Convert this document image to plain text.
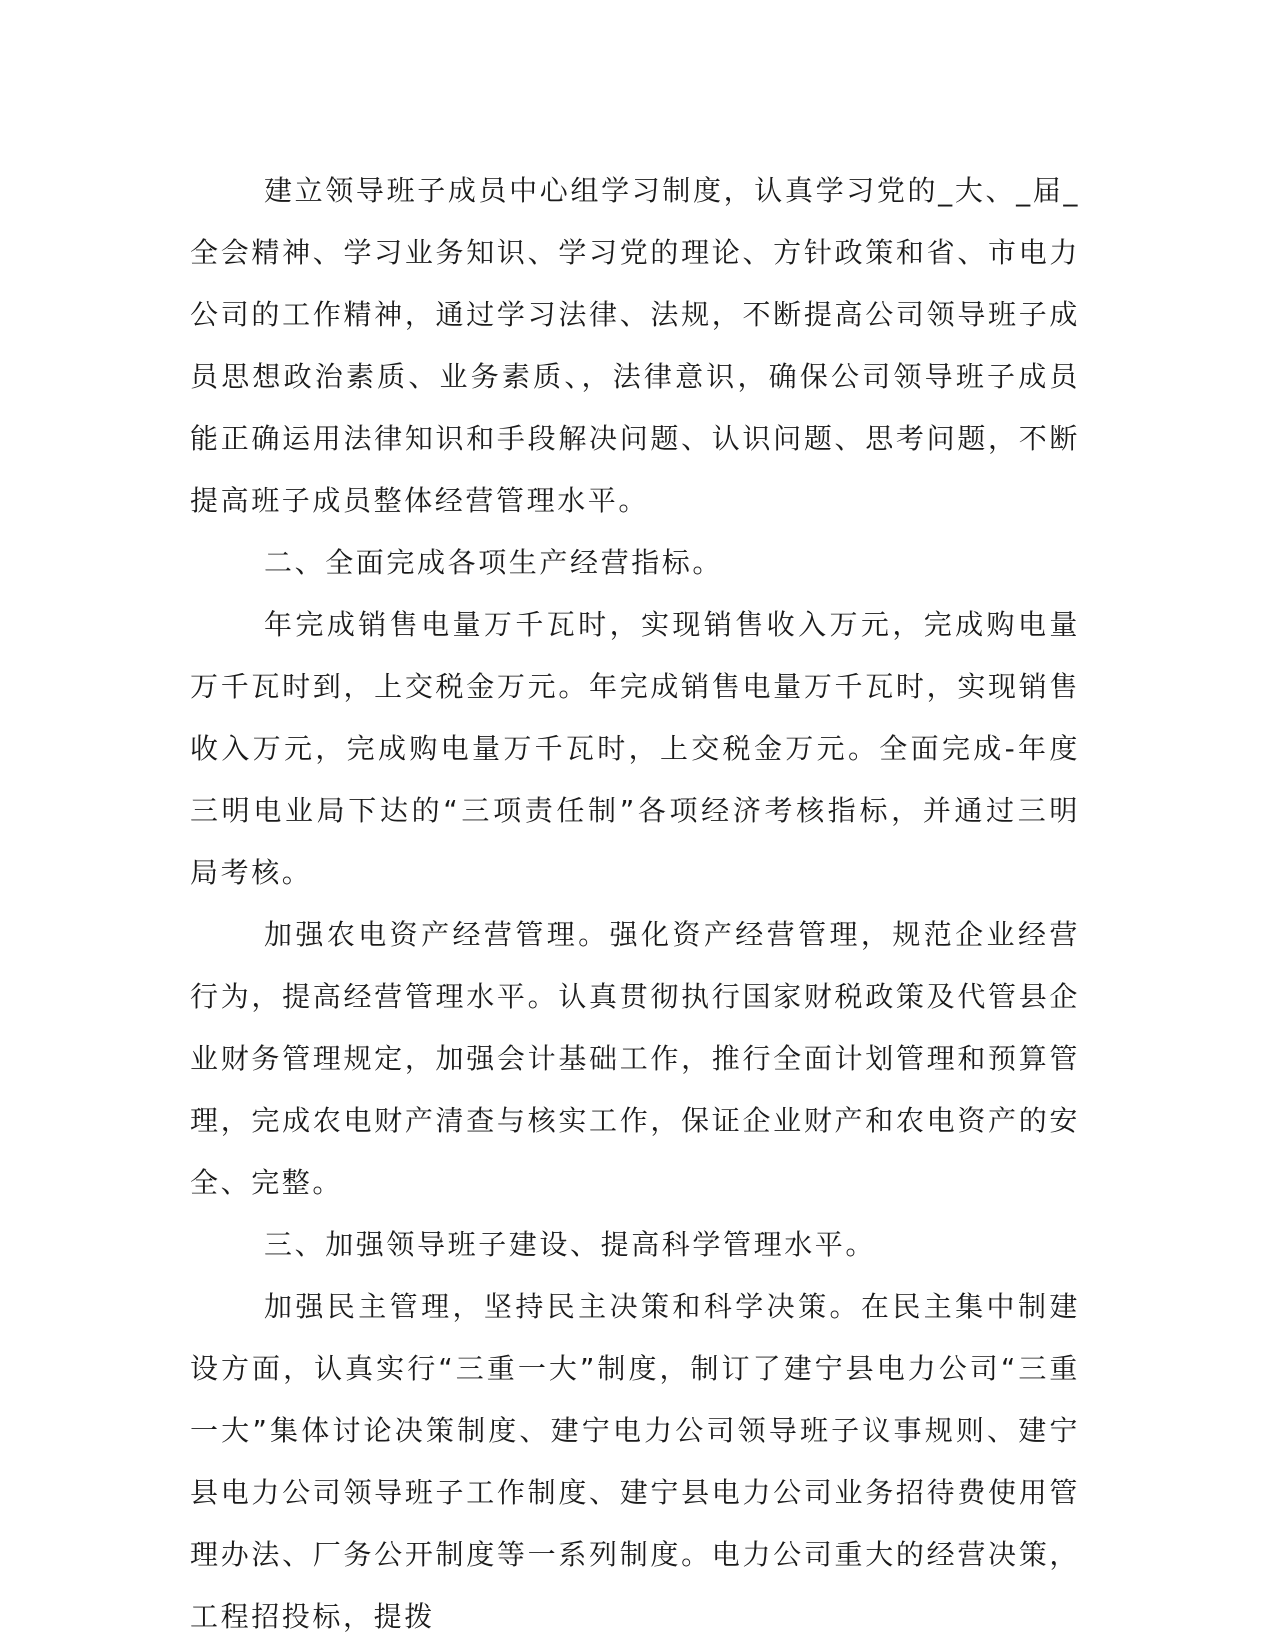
建立领导班子成员中心组学习制度，认真学习党的_大、_届_全会精神、学习业务知识、学习党的理论、方针政策和省、市电力公司的工作精神，通过学习法律、法规，不断提高公司领导班子成员思想政治素质、业务素质、，法律意识，确保公司领导班子成员能正确运用法律知识和手段解决问题、认识问题、思考问题，不断提高班子成员整体经营管理水平。

二、全面完成各项生产经营指标。

年完成销售电量万千瓦时，实现销售收入万元，完成购电量万千瓦时到，上交税金万元。年完成销售电量万千瓦时，实现销售收入万元，完成购电量万千瓦时，上交税金万元。全面完成-年度三明电业局下达的“三项责任制”各项经济考核指标，并通过三明局考核。

加强农电资产经营管理。强化资产经营管理，规范企业经营行为，提高经营管理水平。认真贯彻执行国家财税政策及代管县企业财务管理规定，加强会计基础工作，推行全面计划管理和预算管理，完成农电财产清查与核实工作，保证企业财产和农电资产的安全、完整。

三、加强领导班子建设、提高科学管理水平。

加强民主管理，坚持民主决策和科学决策。在民主集中制建设方面，认真实行“三重一大”制度，制订了建宁县电力公司“三重一大”集体讨论决策制度、建宁电力公司领导班子议事规则、建宁县电力公司领导班子工作制度、建宁县电力公司业务招待费使用管理办法、厂务公开制度等一系列制度。电力公司重大的经营决策，工程招投标，提拨
